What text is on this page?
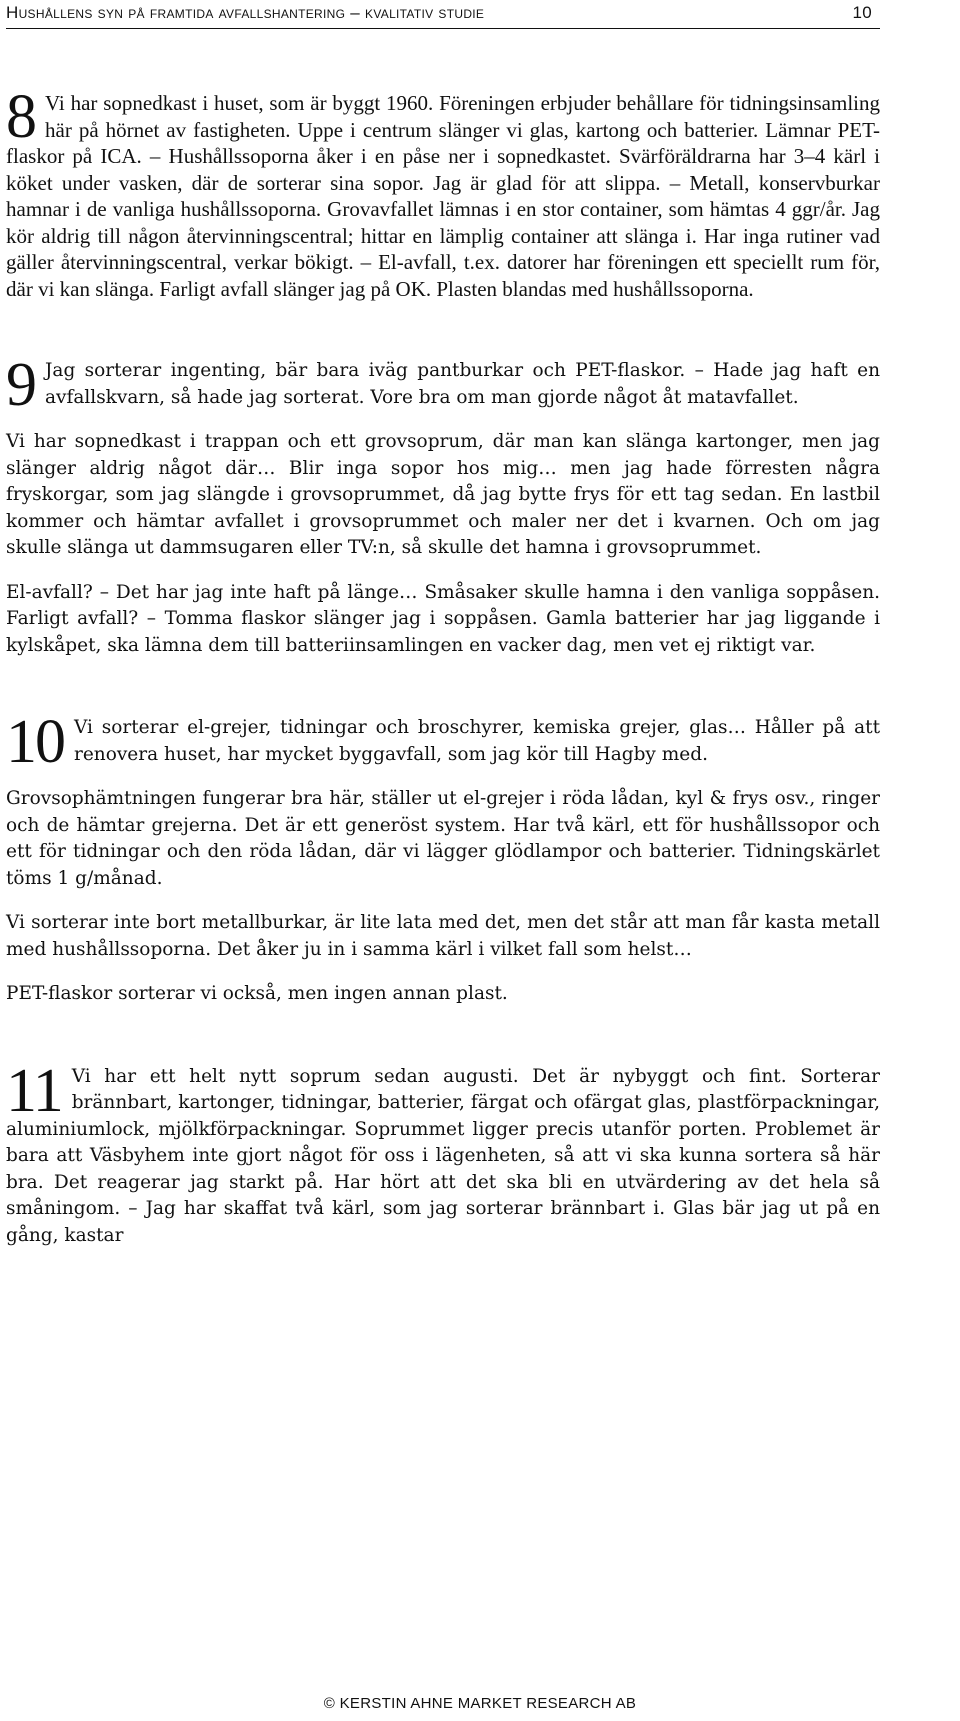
Hushållens syn på framtida avfallshantering – kvalitativ studie	10
8 Vi har sopnedkast i huset, som är byggt 1960. Föreningen erbjuder behållare för tidningsinsamling här på hörnet av fastigheten. Uppe i centrum slänger vi glas, kartong och batterier. Lämnar PET-flaskor på ICA. – Hushållssoporna åker i en påse ner i sopnedkastet. Svärföräldrarna har 3–4 kärl i köket under vasken, där de sorterar sina sopor. Jag är glad för att slippa. – Metall, konservburkar hamnar i de vanliga hushållssoporna. Grovavfallet lämnas i en stor container, som hämtas 4 ggr/år. Jag kör aldrig till någon återvinningscentral; hittar en lämplig container att slänga i. Har inga rutiner vad gäller återvinningscentral, verkar bökigt. – El-avfall, t.ex. datorer har föreningen ett speciellt rum för, där vi kan slänga. Farligt avfall slänger jag på OK. Plasten blandas med hushållssoporna.

9 Jag sorterar ingenting, bär bara iväg pantburkar och PET-flaskor. – Hade jag haft en avfallskvarn, så hade jag sorterat. Vore bra om man gjorde något åt matavfallet.

Vi har sopnedkast i trappan och ett grovsoprum, där man kan slänga kartonger, men jag slänger aldrig något där… Blir inga sopor hos mig… men jag hade förresten några fryskorgar, som jag slängde i grovsoprummet, då jag bytte frys för ett tag sedan. En lastbil kommer och hämtar avfallet i grovsoprummet och maler ner det i kvarnen. Och om jag skulle slänga ut dammsugaren eller TV:n, så skulle det hamna i grovsoprummet.

El-avfall? – Det har jag inte haft på länge… Småsaker skulle hamna i den vanliga soppåsen. Farligt avfall? – Tomma flaskor slänger jag i soppåsen. Gamla batterier har jag liggande i kylskåpet, ska lämna dem till batteriinsamlingen en vacker dag, men vet ej riktigt var.

10 Vi sorterar el-grejer, tidningar och broschyrer, kemiska grejer, glas… Håller på att renovera huset, har mycket byggavfall, som jag kör till Hagby med.

Grovsophämtningen fungerar bra här, ställer ut el-grejer i röda lådan, kyl & frys osv., ringer och de hämtar grejerna. Det är ett generöst system. Har två kärl, ett för hushållssopor och ett för tidningar och den röda lådan, där vi lägger glödlampor och batterier. Tidningskärlet töms 1 g/månad.

Vi sorterar inte bort metallburkar, är lite lata med det, men det står att man får kasta metall med hushållssoporna. Det åker ju in i samma kärl i vilket fall som helst…

PET-flaskor sorterar vi också, men ingen annan plast.

11 Vi har ett helt nytt soprum sedan augusti. Det är nybyggt och fint. Sorterar brännbart, kartonger, tidningar, batterier, färgat och ofärgat glas, plastförpackningar, aluminiumlock, mjölkförpackningar. Soprummet ligger precis utanför porten. Problemet är bara att Väsbyhem inte gjort något för oss i lägenheten, så att vi ska kunna sortera så här bra. Det reagerar jag starkt på. Har hört att det ska bli en utvärdering av det hela så småningom. – Jag har skaffat två kärl, som jag sorterar brännbart i. Glas bär jag ut på en gång, kastar

© KERSTIN AHNE MARKET RESEARCH AB
